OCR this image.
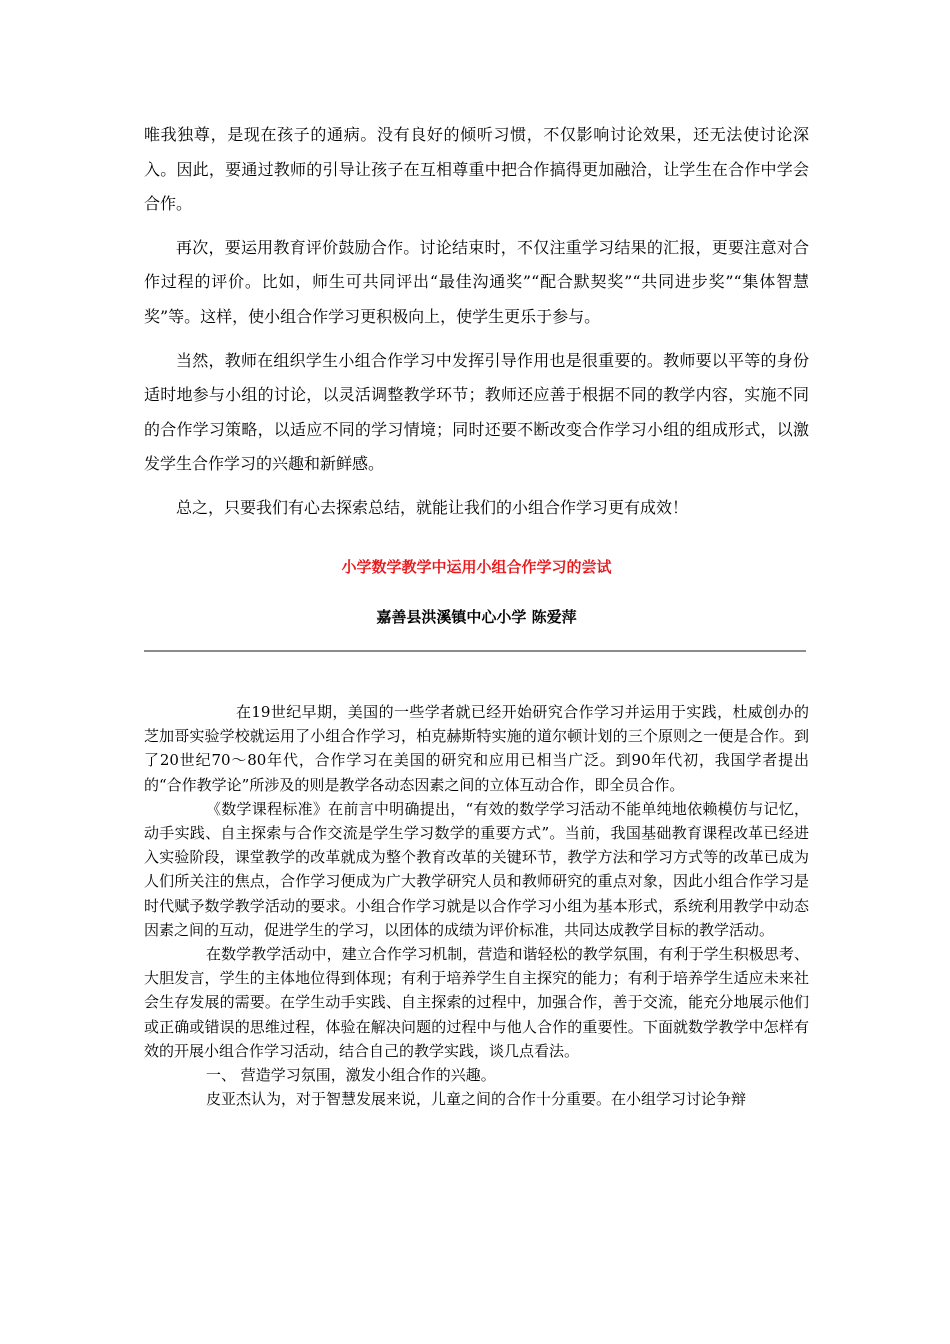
唯我独尊，是现在孩子的通病。没有良好的倾听习惯，不仅影响讨论效果，还无法使讨论深入。因此，要通过教师的引导让孩子在互相尊重中把合作搞得更加融洽，让学生在合作中学会合作。

再次，要运用教育评价鼓励合作。讨论结束时，不仅注重学习结果的汇报，更要注意对合作过程的评价。比如，师生可共同评出“最佳沟通奖”“配合默契奖”“共同进步奖”“集体智慧奖”等。这样，使小组合作学习更积极向上，使学生更乐于参与。

当然，教师在组织学生小组合作学习中发挥引导作用也是很重要的。教师要以平等的身份适时地参与小组的讨论，以灵活调整教学环节；教师还应善于根据不同的教学内容，实施不同的合作学习策略，以适应不同的学习情境；同时还要不断改变合作学习小组的组成形式，以激发学生合作学习的兴趣和新鲜感。

总之，只要我们有心去探索总结，就能让我们的小组合作学习更有成效！

小学数学教学中运用小组合作学习的尝试
嘉善县洪溪镇中心小学 陈爱萍

在19世纪早期，美国的一些学者就已经开始研究合作学习并运用于实践，杜威创办的芝加哥实验学校就运用了小组合作学习，柏克赫斯特实施的道尔顿计划的三个原则之一便是合作。到了20世纪70～80年代，合作学习在美国的研究和应用已相当广泛。到90年代初，我国学者提出的“合作教学论”所涉及的则是教学各动态因素之间的立体互动合作，即全员合作。

《数学课程标准》在前言中明确提出，“有效的数学学习活动不能单纯地依赖模仿与记忆，动手实践、自主探索与合作交流是学生学习数学的重要方式”。当前，我国基础教育课程改革已经进入实验阶段，课堂教学的改革就成为整个教育改革的关键环节，教学方法和学习方式等的改革已成为人们所关注的焦点，合作学习便成为广大教学研究人员和教师研究的重点对象，因此小组合作学习是时代赋予数学教学活动的要求。小组合作学习就是以合作学习小组为基本形式，系统利用教学中动态因素之间的互动，促进学生的学习，以团体的成绩为评价标准，共同达成教学目标的教学活动。

在数学教学活动中，建立合作学习机制，营造和谐轻松的教学氛围，有利于学生积极思考、大胆发言，学生的主体地位得到体现；有利于培养学生自主探究的能力；有利于培养学生适应未来社会生存发展的需要。在学生动手实践、自主探索的过程中，加强合作，善于交流，能充分地展示他们或正确或错误的思维过程，体验在解决问题的过程中与他人合作的重要性。下面就数学教学中怎样有效的开展小组合作学习活动，结合自己的教学实践，谈几点看法。

一、 营造学习氛围，激发小组合作的兴趣。

皮亚杰认为，对于智慧发展来说，儿童之间的合作十分重要。在小组学习讨论争辩
